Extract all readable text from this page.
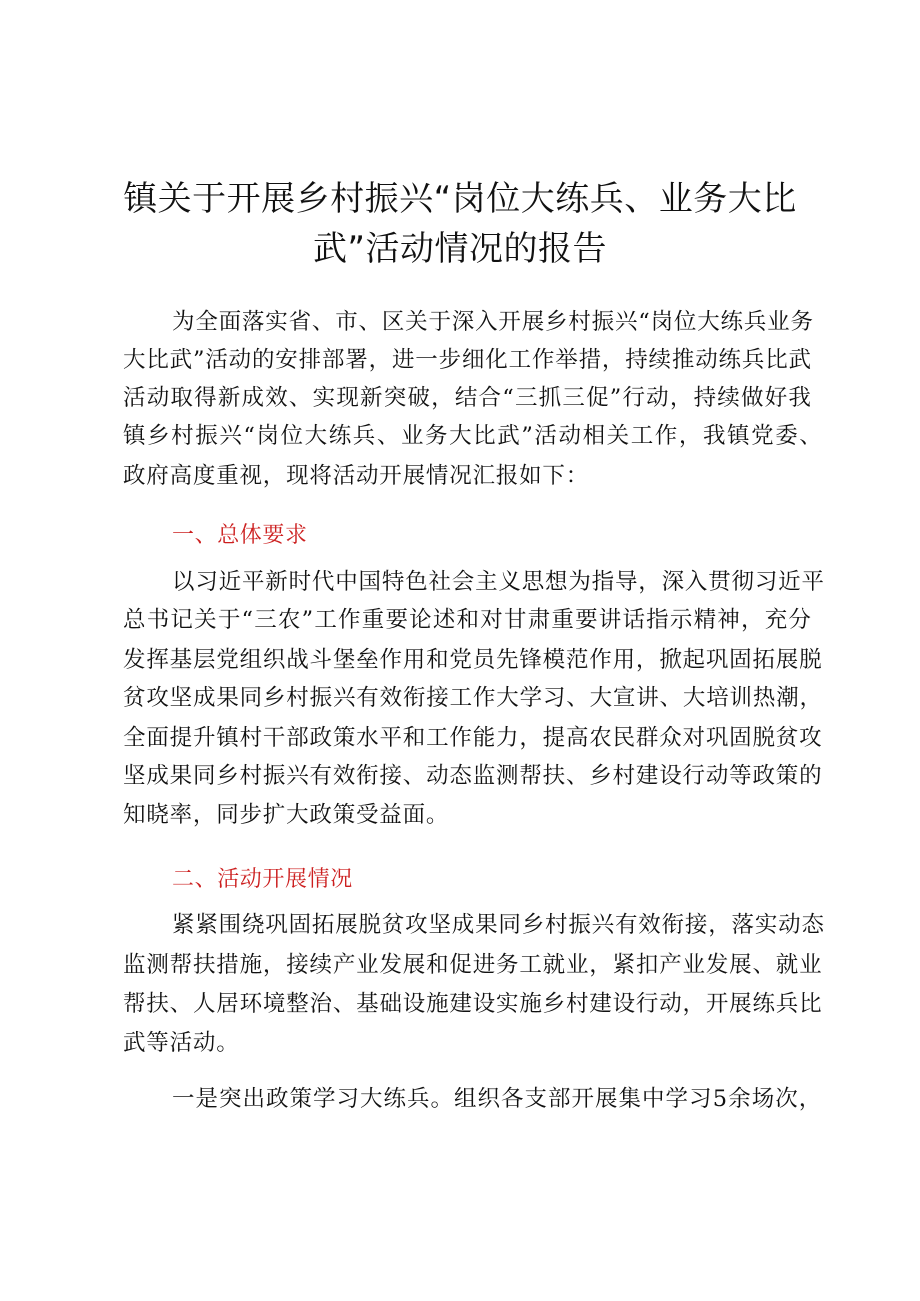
镇关于开展乡村振兴“岗位大练兵、业务大比
武”活动情况的报告
为 全 面 落 实 省 、 市 、 区 关 于 深 入 开 展 乡 村 振 兴 “ 岗 位 大 练 兵 业 务
大 比 武 ” 活 动 的 安 排 部 署 ， 进 一 步 细 化 工 作 举 措 ， 持 续 推 动 练 兵 比 武
活 动 取 得 新 成 效 、 实 现 新 突 破 ， 结 合 “ 三 抓 三 促 ” 行 动 ， 持 续 做 好 我
镇 乡 村 振 兴 “ 岗 位 大 练 兵 、 业 务 大 比 武 ” 活 动 相 关 工 作 ， 我 镇 党 委 、
政府高度重视，现将活动开展情况汇报如下：
一、总体要求
以 习 近 平 新 时 代 中 国 特 色 社 会 主 义 思 想 为 指 导 ， 深 入 贯 彻 习 近 平
总 书 记 关 于 “ 三 农 ” 工 作 重 要 论 述 和 对 甘 肃 重 要 讲 话 指 示 精 神 ， 充 分
发 挥 基 层 党 组 织 战 斗 堡 垒 作 用 和 党 员 先 锋 模 范 作 用 ， 掀 起 巩 固 拓 展 脱
贫 攻 坚 成 果 同 乡 村 振 兴 有 效 衔 接 工 作 大 学 习 、 大 宣 讲 、 大 培 训 热 潮 ，
全 面 提 升 镇 村 干 部 政 策 水 平 和 工 作 能 力 ， 提 高 农 民 群 众 对 巩 固 脱 贫 攻
坚 成 果 同 乡 村 振 兴 有 效 衔 接 、 动 态 监 测 帮 扶 、 乡 村 建 设 行 动 等 政 策 的
知晓率，同步扩大政策受益面。
二、活动开展情况
紧 紧 围 绕 巩 固 拓 展 脱 贫 攻 坚 成 果 同 乡 村 振 兴 有 效 衔 接 ， 落 实 动 态
监 测 帮 扶 措 施 ， 接 续 产 业 发 展 和 促 进 务 工 就 业 ， 紧 扣 产 业 发 展 、 就 业
帮 扶 、 人 居 环 境 整 治 、 基 础 设 施 建 设 实 施 乡 村 建 设 行 动 ， 开 展 练 兵 比
武等活动。
一 是 突 出 政 策 学 习 大 练 兵 。 组 织 各 支 部 开 展 集 中 学 习 5 余 场 次 ，
